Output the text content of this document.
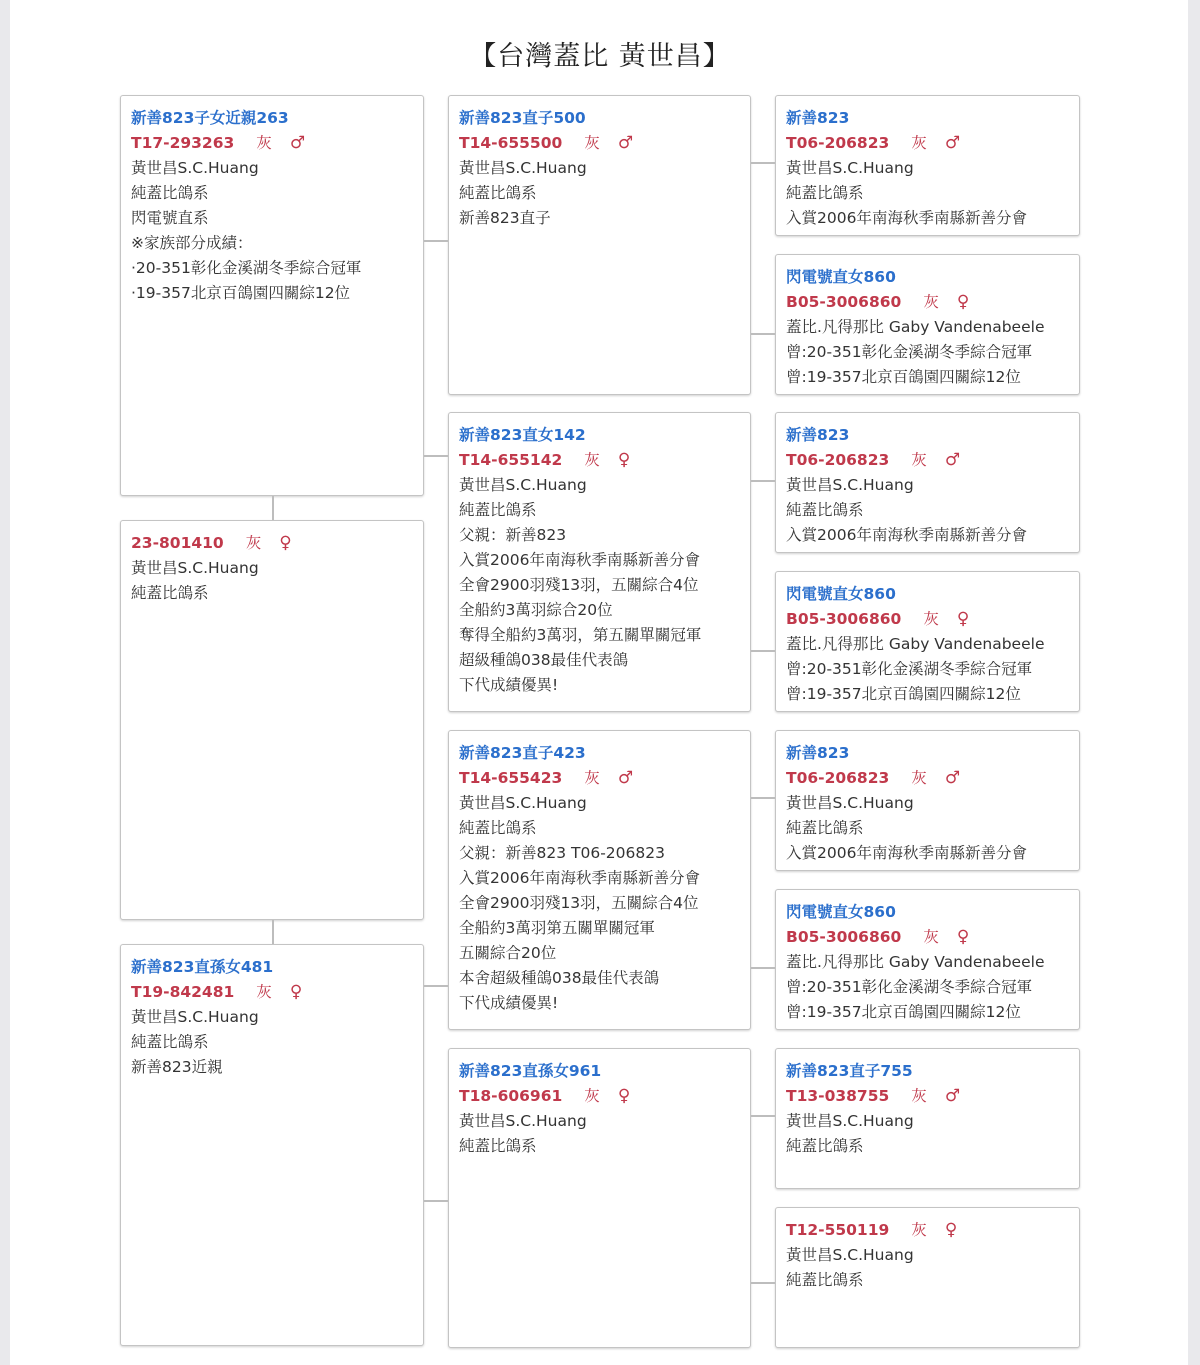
【台灣蓋比 黃世昌】
新善823子女近親263
T17-293263 灰 ♂
黃世昌S.C.Huang
純蓋比鴿系
閃電號直系
※家族部分成績：
‧20-351彰化金溪湖冬季綜合冠軍
‧19-357北京百鴿園四關綜12位
23-801410 灰 ♀
黃世昌S.C.Huang
純蓋比鴿系
新善823直孫女481
T19-842481 灰 ♀
黃世昌S.C.Huang
純蓋比鴿系
新善823近親
新善823直子500
T14-655500 灰 ♂
黃世昌S.C.Huang
純蓋比鴿系
新善823直子
新善823直女142
T14-655142 灰 ♀
黃世昌S.C.Huang
純蓋比鴿系
父親：新善823
入賞2006年南海秋季南縣新善分會
全會2900羽殘13羽，五關綜合4位
全船約3萬羽綜合20位
奪得全船約3萬羽，第五關單關冠軍
超級種鴿038最佳代表鴿
下代成績優異!
新善823直子423
T14-655423 灰 ♂
黃世昌S.C.Huang
純蓋比鴿系
父親：新善823 T06-206823
入賞2006年南海秋季南縣新善分會
全會2900羽殘13羽，五關綜合4位
全船約3萬羽第五關單關冠軍
五關綜合20位
本舍超級種鴿038最佳代表鴿
下代成績優異!
新善823直孫女961
T18-606961 灰 ♀
黃世昌S.C.Huang
純蓋比鴿系
新善823
T06-206823 灰 ♂
黃世昌S.C.Huang
純蓋比鴿系
入賞2006年南海秋季南縣新善分會
閃電號直女860
B05-3006860 灰 ♀
蓋比.凡得那比 Gaby Vandenabeele
曾:20-351彰化金溪湖冬季綜合冠軍
曾:19-357北京百鴿園四關綜12位
新善823
T06-206823 灰 ♂
黃世昌S.C.Huang
純蓋比鴿系
入賞2006年南海秋季南縣新善分會
閃電號直女860
B05-3006860 灰 ♀
蓋比.凡得那比 Gaby Vandenabeele
曾:20-351彰化金溪湖冬季綜合冠軍
曾:19-357北京百鴿園四關綜12位
新善823
T06-206823 灰 ♂
黃世昌S.C.Huang
純蓋比鴿系
入賞2006年南海秋季南縣新善分會
閃電號直女860
B05-3006860 灰 ♀
蓋比.凡得那比 Gaby Vandenabeele
曾:20-351彰化金溪湖冬季綜合冠軍
曾:19-357北京百鴿園四關綜12位
新善823直子755
T13-038755 灰 ♂
黃世昌S.C.Huang
純蓋比鴿系
T12-550119 灰 ♀
黃世昌S.C.Huang
純蓋比鴿系
